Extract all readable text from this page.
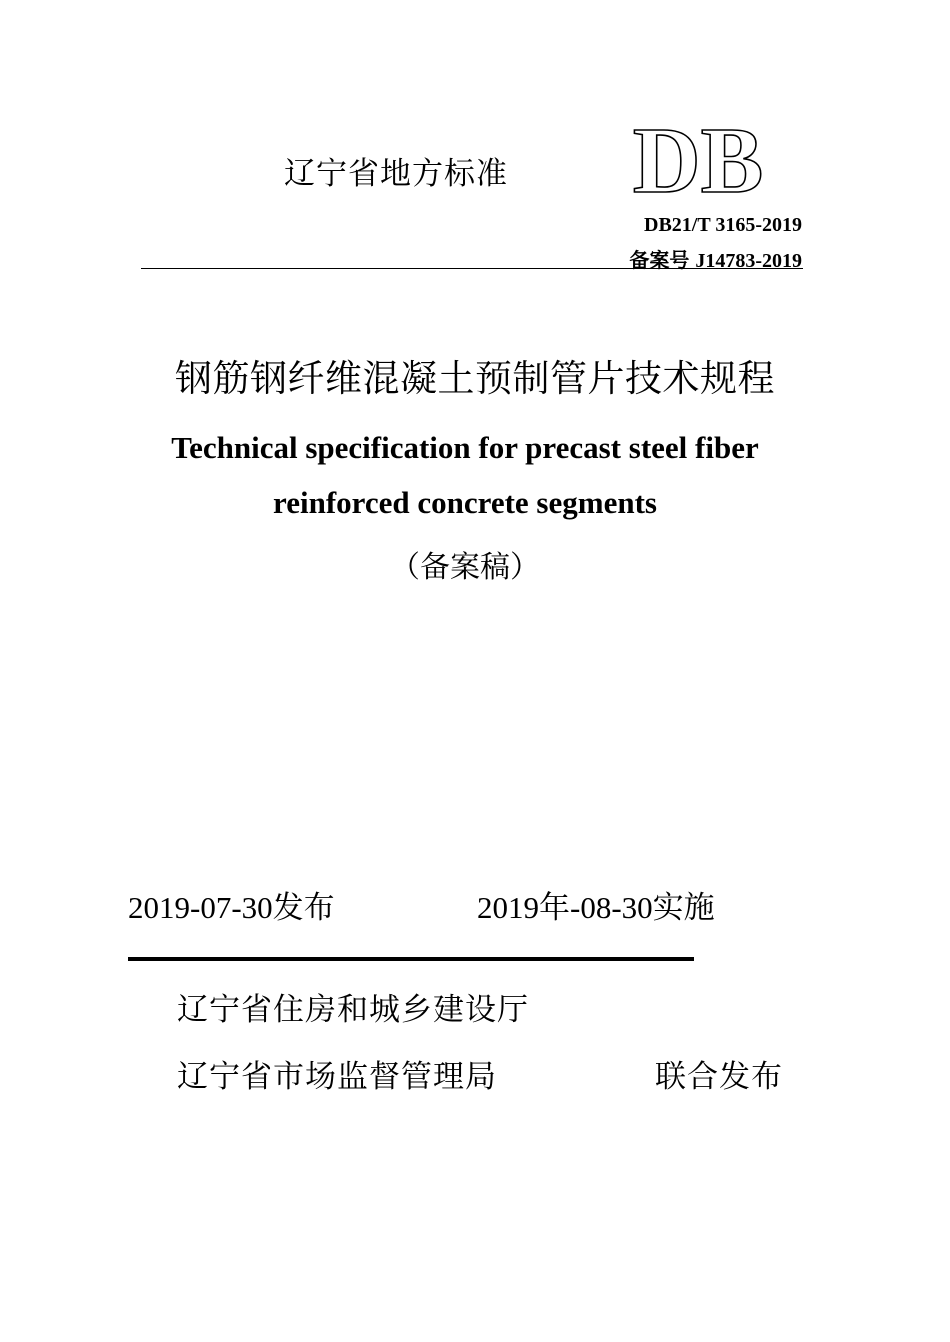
辽宁省地方标准 DB
DB21/T 3165-2019
备案号 J14783-2019
钢筋钢纤维混凝土预制管片技术规程
Technical specification for precast steel fiber
reinforced concrete segments
（备案稿）
2019-07-30发布	2019年-08-30实施
辽宁省住房和城乡建设厅
辽宁省市场监督管理局	联合发布
